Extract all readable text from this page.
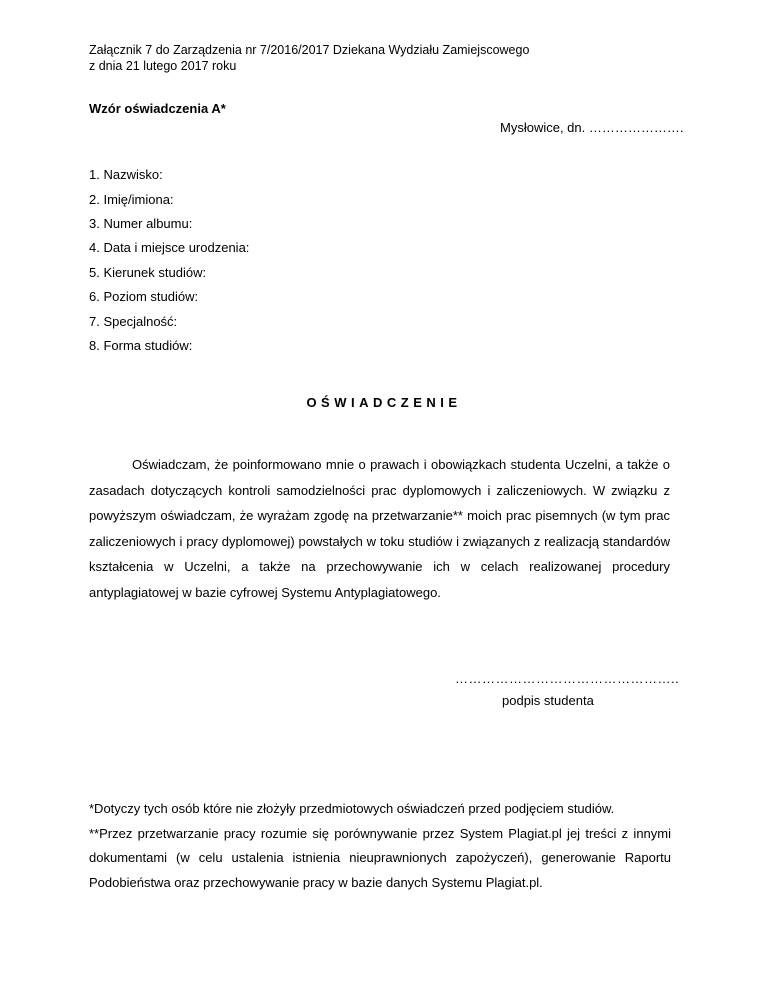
Załącznik 7 do Zarządzenia nr 7/2016/2017 Dziekana Wydziału Zamiejscowego
z dnia 21 lutego 2017 roku
Wzór oświadczenia A*
Mysłowice, dn. ………………….
1. Nazwisko:
2. Imię/imiona:
3. Numer albumu:
4. Data i miejsce urodzenia:
5. Kierunek studiów:
6. Poziom studiów:
7. Specjalność:
8. Forma studiów:
OŚWIADCZENIE
Oświadczam, że poinformowano mnie o prawach i obowiązkach studenta Uczelni, a także o zasadach dotyczących kontroli samodzielności prac dyplomowych i zaliczeniowych. W związku z powyższym oświadczam, że wyrażam zgodę na przetwarzanie** moich prac pisemnych (w tym prac zaliczeniowych i pracy dyplomowej) powstałych w toku studiów i związanych z realizacją standardów kształcenia w Uczelni, a także na przechowywanie ich w celach realizowanej procedury antyplagiatowej w bazie cyfrowej Systemu Antyplagiatowego.
…………………………………………..
podpis studenta

*Dotyczy tych osób które nie złożyły przedmiotowych oświadczeń przed podjęciem studiów.

**Przez przetwarzanie pracy rozumie się porównywanie przez System Plagiat.pl jej treści z innymi dokumentami (w celu ustalenia istnienia nieuprawnionych zapożyczeń), generowanie Raportu Podobieństwa oraz przechowywanie pracy w bazie danych Systemu Plagiat.pl.
